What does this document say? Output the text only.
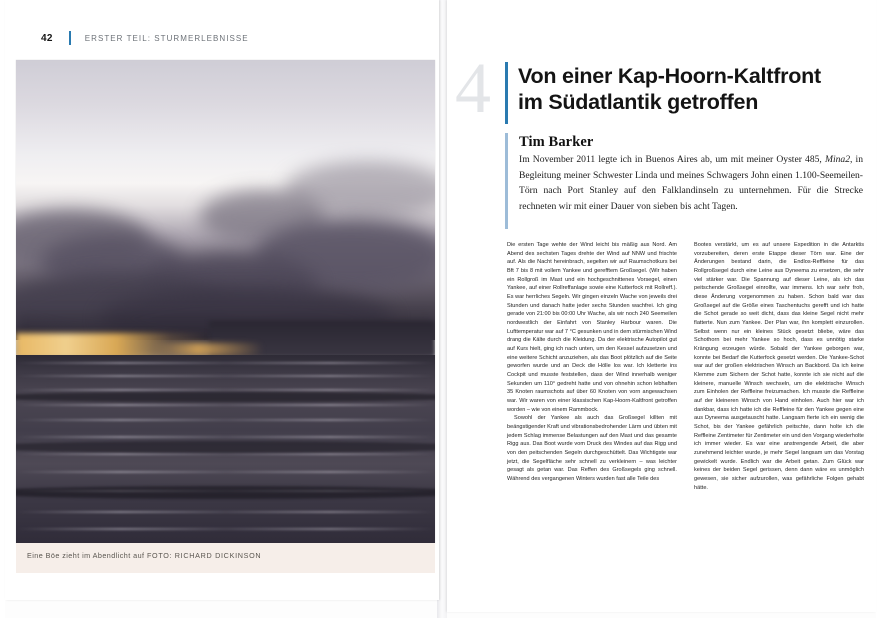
42	ERSTER TEIL: STURMERLEBNISSE
Eine Böe zieht im Abendlicht auf FOTO: RICHARD DICKINSON
4 Von einer Kap-Hoorn-Kaltfront
im Südatlantik getroffen
Tim Barker
Im November 2011 legte ich in Buenos Aires ab, um mit meiner Oyster 485, Mina2, in Begleitung meiner Schwester Linda und meines Schwagers John einen 1.100-Seemeilen-Törn nach Port Stanley auf den Falklandinseln zu unternehmen. Für die Strecke rechneten wir mit einer Dauer von sieben bis acht Tagen.

Die ersten Tage wehte der Wind leicht bis mäßig aus Nord. Am Abend des sechsten Tages drehte der Wind auf NNW und frischte auf. Als die Nacht hereinbrach, segelten wir auf Raumschotkurs bei Bft 7 bis 8 mit vollem Yankee und gerefftem Großsegel. (Wir haben ein Rollgroß im Mast und ein hochgeschnittenes Vorsegel, einen Yankee, auf einer Rollreffanlage sowie eine Kutterfock mit Rollreff.). Es war herrliches Segeln. Wir gingen einzeln Wache von jeweils drei Stunden und danach hatte jeder sechs Stunden wachfrei. Ich ging gerade von 21:00 bis 00:00 Uhr Wache, als wir noch 240 Seemeilen nordwestlich der Einfahrt von Stanley Harbour waren. Die Lufttemperatur war auf 7 °C gesunken und in dem stürmischen Wind drang die Kälte durch die Kleidung. Da der elektrische Autopilot gut auf Kurs hielt, ging ich nach unten, um den Kessel aufzusetzen und eine weitere Schicht anzuziehen, als das Boot plötzlich auf die Seite geworfen wurde und an Deck die Hölle los war. Ich kletterte ins Cockpit und musste feststellen, dass der Wind innerhalb weniger Sekunden um 110° gedreht hatte und von ohnehin schon lebhaften 35 Knoten raumschots auf über 60 Knoten von vorn angewachsen war. Wir waren von einer klassischen Kap-Hoorn-Kaltfront getroffen worden – wie von einem Rammbock.

Sowohl der Yankee als auch das Großsegel killten mit beängstigender Kraft und vibrationsbedrohender Lärm und übten mit jedem Schlag immense Belastungen auf den Mast und das gesamte Rigg aus. Das Boot wurde vom Druck des Windes auf das Rigg und von den peitschenden Segeln durchgeschüttelt. Das Wichtigste war jetzt, die Segelfläche sehr schnell zu verkleinern – was leichter gesagt als getan war. Das Reffen des Großsegels ging schnell. Während des vergangenen Winters wurden fast alle Teile des

Bootes verstärkt, um es auf unsere Expedition in die Antarktis vorzubereiten, deren erste Etappe dieser Törn war. Eine der Änderungen bestand darin, die Endlos-Reffleine für das Rollgroßsegel durch eine Leine aus Dyneema zu ersetzen, die sehr viel stärker war. Die Spannung auf dieser Leine, als ich das peitschende Großsegel einrollte, war immens. Ich war sehr froh, diese Änderung vorgenommen zu haben. Schon bald war das Großsegel auf die Größe eines Taschentuchs gerefft und ich hatte die Schot gerade so weit dicht, dass das kleine Segel nicht mehr flatterte. Nun zum Yankee. Der Plan war, ihn komplett einzurollen. Selbst wenn nur ein kleines Stück gesetzt bliebe, wäre das Schothorn bei mehr Yankee so hoch, dass es unnötig starke Krängung erzeugen würde. Sobald der Yankee geborgen war, konnte bei Bedarf die Kutterfock gesetzt werden. Die Yankee-Schot war auf der großen elektrischen Winsch an Backbord. Da ich keine Klemme zum Sichern der Schot hatte, konnte ich sie nicht auf die kleinere, manuelle Winsch wechseln, um die elektrische Winsch zum Einholen der Reffleine freizumachen. Ich musste die Reffleine auf der kleineren Winsch von Hand einholen. Auch hier war ich dankbar, dass ich hatte ich die Reffleine für den Yankee gegen eine aus Dyneema ausgetauscht hatte. Langsam fierte ich ein wenig die Schot, bis der Yankee gefährlich peitschte, dann holte ich die Reffleine Zentimeter für Zentimeter ein und den Vorgang wiederholte ich immer wieder. Es war eine anstrengende Arbeit, die aber zunehmend leichter wurde, je mehr Segel langsam um das Vorstag gewickelt wurde. Endlich war die Arbeit getan. Zum Glück war keines der beiden Segel gerissen, denn dann wäre es unmöglich gewesen, sie sicher aufzurollen, was gefährliche Folgen gehabt hätte.
